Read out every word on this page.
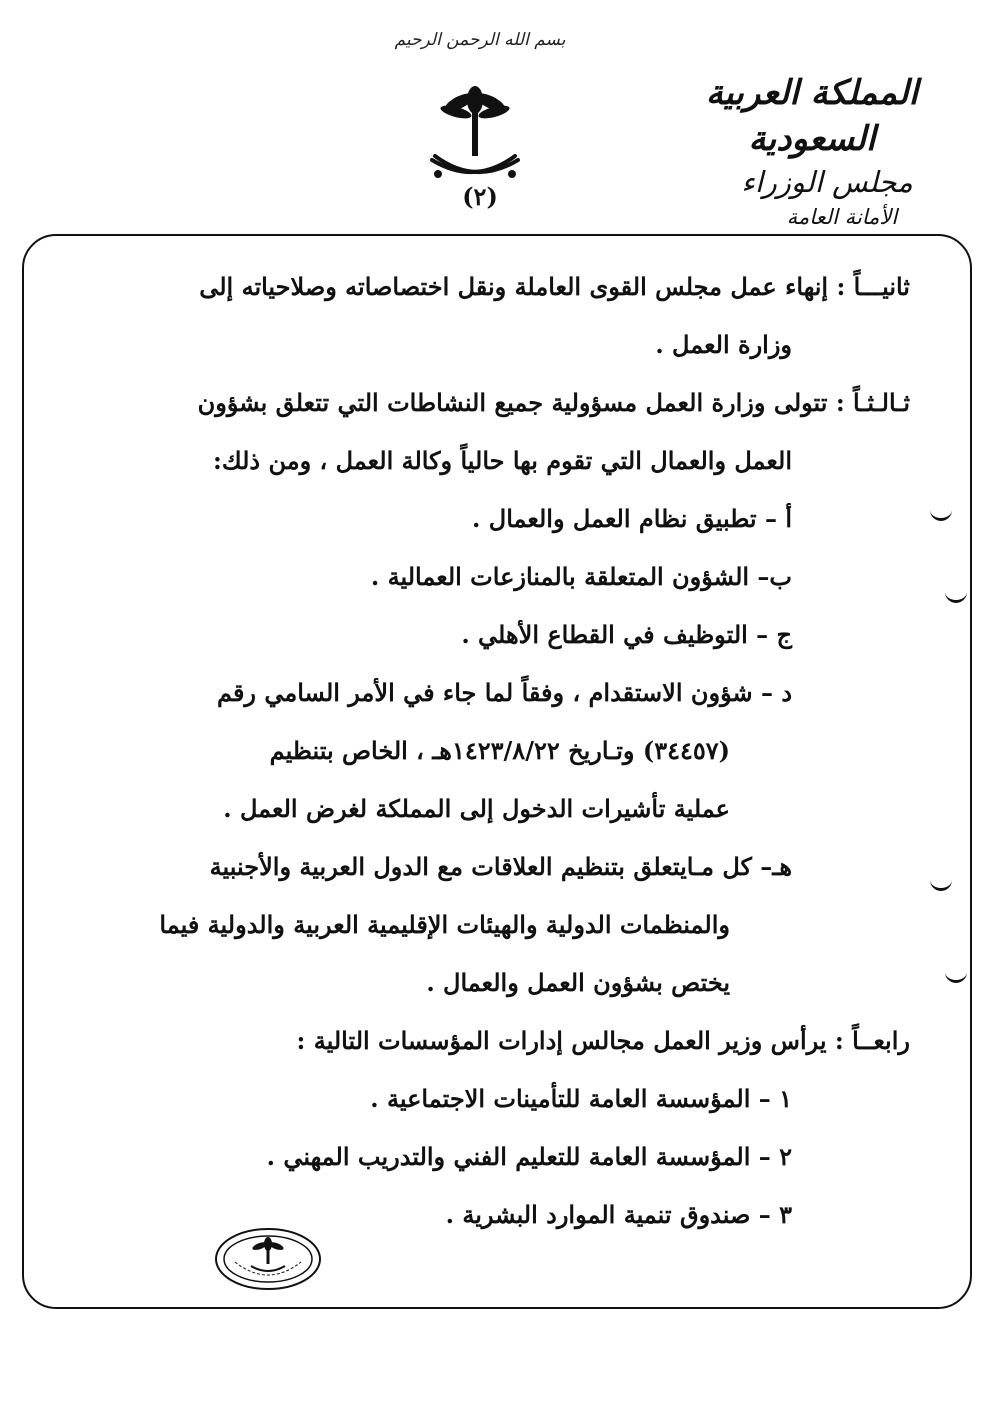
بسم الله الرحمن الرحيم
(٢)
المملكة العربية السعودية
مجلس الوزراء
الأمانة العامة
ثانيـــاً : إنهاء عمل مجلس القوى العاملة ونقل اختصاصاته وصلاحياته إلى
وزارة العمل .
ثـالـثـاً : تتولى وزارة العمل مسؤولية جميع النشاطات التي تتعلق بشؤون
العمل والعمال التي تقوم بها حالياً وكالة العمل ، ومن ذلك:
أ – تطبيق نظام العمل والعمال .
ب– الشؤون المتعلقة بالمنازعات العمالية .
ج – التوظيف في القطاع الأهلي .
د – شؤون الاستقدام ، وفقاً لما جاء في الأمر السامي رقم
(٣٤٤٥٧) وتـاريخ ١٤٢٣/٨/٢٢هـ ، الخاص بتنظيم
عملية تأشيرات الدخول إلى المملكة لغرض العمل .
هـ– كل مـايتعلق بتنظيم العلاقات مع الدول العربية والأجنبية
والمنظمات الدولية والهيئات الإقليمية العربية والدولية فيما
يختص بشؤون العمل والعمال .
رابعــاً : يرأس وزير العمل مجالس إدارات المؤسسات التالية :
١ – المؤسسة العامة للتأمينات الاجتماعية .
٢ – المؤسسة العامة للتعليم الفني والتدريب المهني .
٣ – صندوق تنمية الموارد البشرية .
